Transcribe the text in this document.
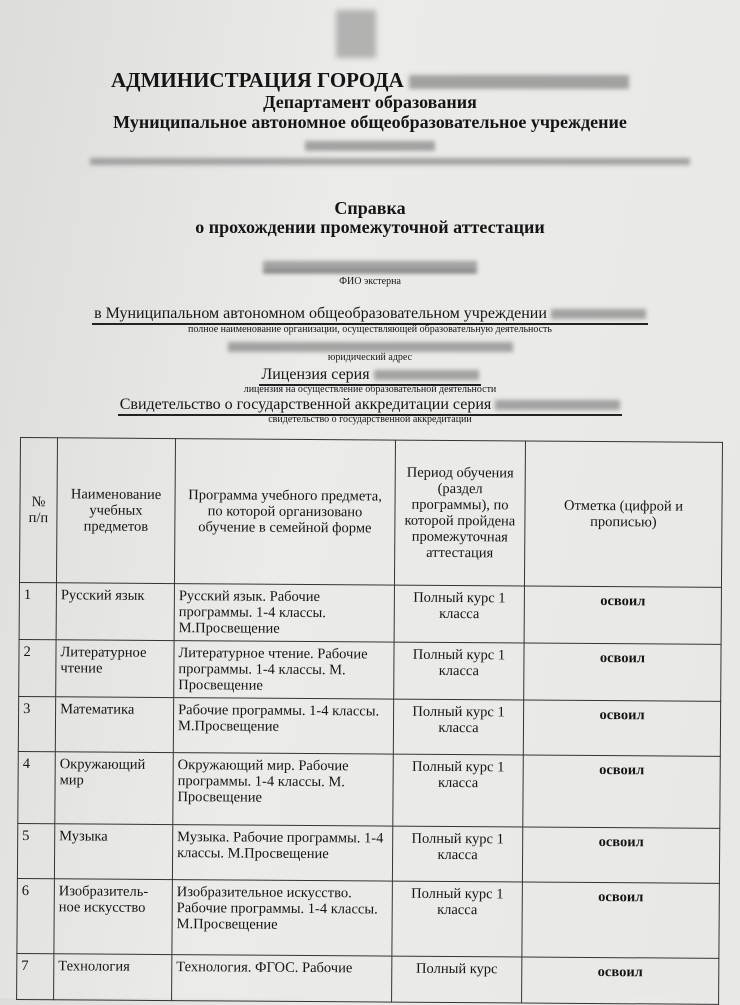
АДМИНИСТРАЦИЯ ГОРОДА
Департамент образования
Муниципальное автономное общеобразовательное учреждение
Справка
о прохождении промежуточной аттестации
ФИО экстерна
в Муниципальном автономном общеобразовательном учреждении
полное наименование организации, осуществляющей образовательную деятельность
юридический адрес
Лицензия серия
лицензия на осуществление образовательной деятельности
Свидетельство о государственной аккредитации серия
свидетельство о государственной аккредитации
№ п/п	Наименование учебных предметов	Программа учебного предмета, по которой организовано обучение в семейной форме	Период обучения (раздел программы), по которой пройдена промежуточная аттестация	Отметка (цифрой и прописью)
1	Русский язык	Русский язык. Рабочие программы. 1-4 классы. М.Просвещение	Полный курс 1 класса	освоил
2	Литературное чтение	Литературное чтение. Рабочие программы. 1-4 классы. М. Просвещение	Полный курс 1 класса	освоил
3	Математика	Рабочие программы. 1-4 классы. М.Просвещение	Полный курс 1 класса	освоил
4	Окружающий мир	Окружающий мир. Рабочие программы. 1-4 классы. М. Просвещение	Полный курс 1 класса	освоил
5	Музыка	Музыка. Рабочие программы. 1-4 классы. М.Просвещение	Полный курс 1 класса	освоил
6	Изобразитель-ное искусство	Изобразительное искусство. Рабочие программы. 1-4 классы. М.Просвещение	Полный курс 1 класса	освоил
7	Технология	Технология. ФГОС. Рабочие	Полный курс	освоил
